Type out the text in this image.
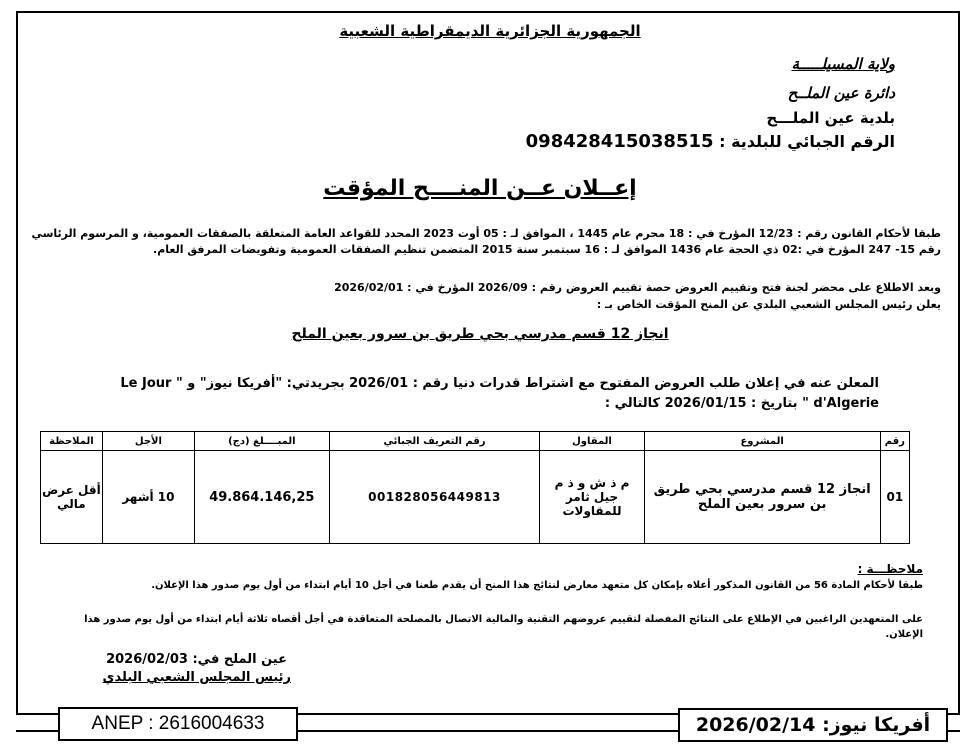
الجمهورية الجزائرية الديمقراطية الشعبية
ولاية المسيلـــــة
دائرة عين الملــح
بلدية عين الملـــح
الرقم الجبائي للبلدية : 098428415038515
إعــلان عــن المنــــح المؤقت
طبقا لأحكام القانون رقم : 12/23 المؤرخ في : 18 محرم عام 1445 ، الموافق لـ : 05 أوت 2023 المحدد للقواعد العامة المتعلقة بالصفقات العمومية، و المرسوم الرئاسي رقم 15- 247 المؤرخ في :02 ذي الحجة عام 1436 الموافق لـ : 16 سبتمبر سنة 2015 المتضمن تنظيم الصفقات العمومية وتفويضات المرفق العام.
وبعد الاطلاع على محضر لجنة فتح وتقييم العروض حصة تقييم العروض رقم : 2026/09 المؤرخ في : 2026/02/01
يعلن رئيس المجلس الشعبي البلدي عن المنح المؤقت الخاص بـ :
انجاز 12 قسم مدرسي بحي طريق بن سرور بعين الملح
المعلن عنه في إعلان طلب العروض المفتوح مع اشتراط قدرات دنيا رقم : 2026/01 بجريدتي: "أفريكا نيوز" و " Le Jour d'Algerie " بتاريخ : 2026/01/15 كالتالي :
رقم	المشروع	المقاول	رقم التعريف الجبائي	المبــــلغ (دج)	الأجل	الملاحظة
01	انجاز 12 قسم مدرسي بحي طريق بن سرور بعين الملح	م ذ ش و ذ م جيل ثامر للمقاولات	001828056449813	49.864.146,25	10 أشهر	أقل عرض مالي
ملاحظـــة :
طبقا لأحكام المادة 56 من القانون المذكور أعلاه بإمكان كل متعهد معارض لنتائج هذا المنح أن يقدم طعنا في أجل 10 أيام ابتداء من أول يوم صدور هذا الإعلان.
على المتعهدين الراغبين في الإطلاع على النتائج المفصلة لتقييم عروضهم التقنية والمالية الاتصال بالمصلحة المتعاقدة في أجل أقصاه ثلاثة أيام ابتداء من أول يوم صدور هذا الإعلان.
عين الملح في: 2026/02/03
رئيس المجلس الشعبي البلدي
ANEP : 2616004633	أفريكا نيوز: 2026/02/14
